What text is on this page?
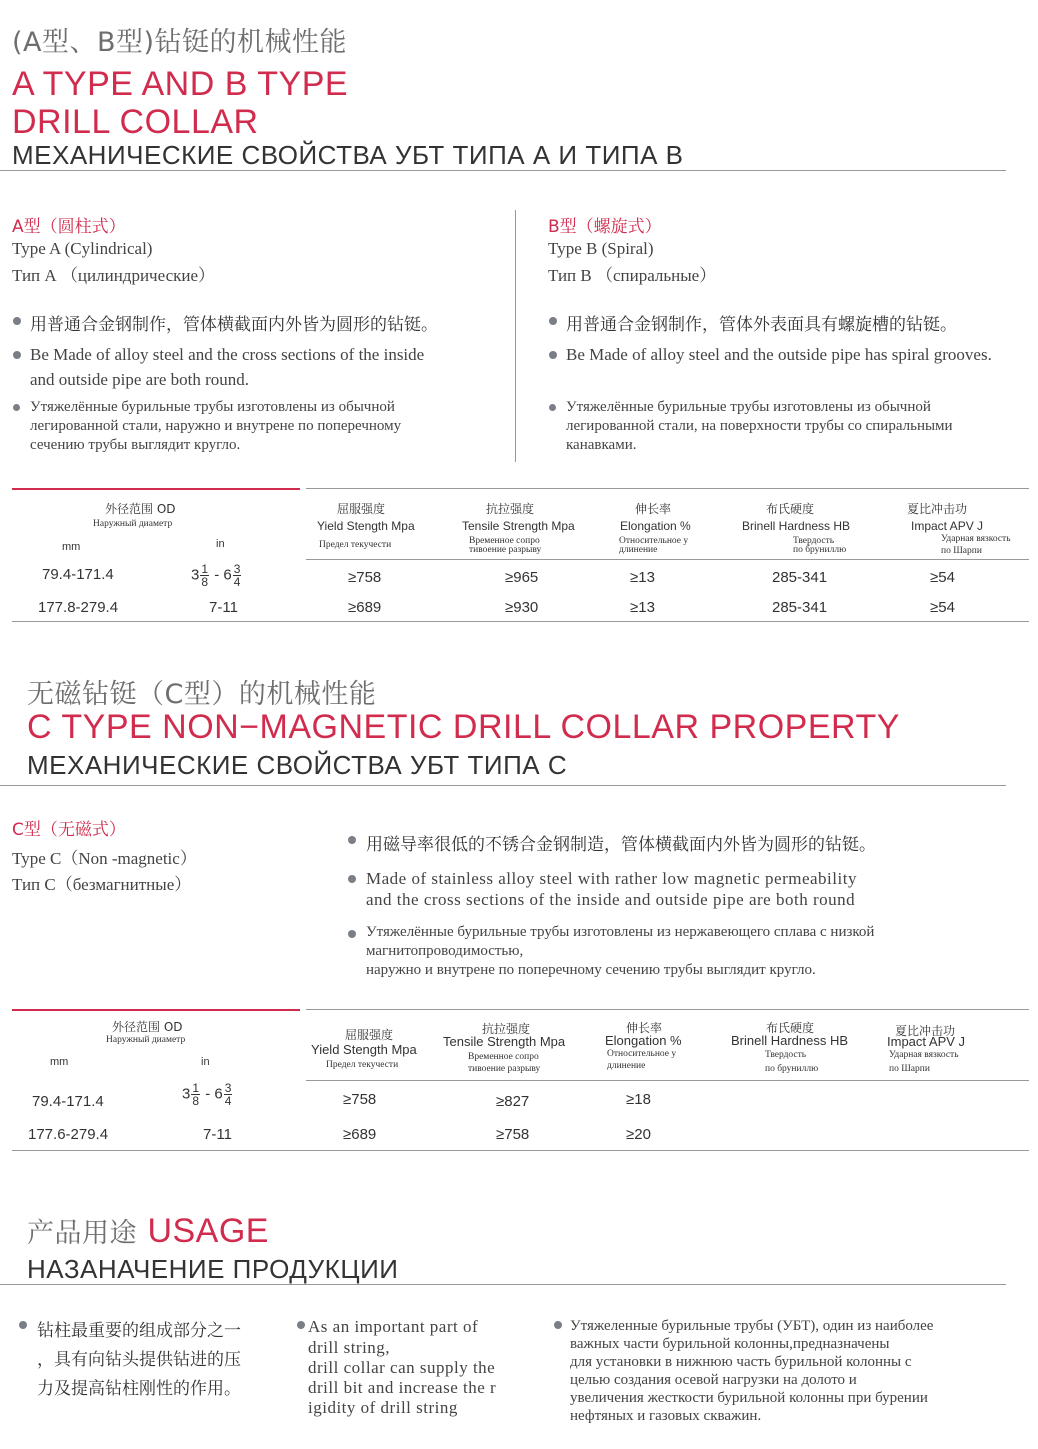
(A型、B型)钻铤的机械性能
A TYPE AND B TYPE
DRILL COLLAR
МЕХАНИЧЕСКИЕ СВОЙСТВА УБТ ТИПА А И ТИПА В
A型（圆柱式）
Type A (Cylindrical)
Тип А （цилиндрические）
用普通合金钢制作，管体横截面内外皆为圆形的钻铤。
Be Made of alloy steel and the cross sections of the inside
and outside pipe are both round.
Утяжелённые бурильные трубы изготовлены из обычной
легированной стали, наружно и внутрене по поперечному
сечению трубы выглядит кругло.
B型（螺旋式）
Type B (Spiral)
Тип В （спиральные）
用普通合金钢制作，管体外表面具有螺旋槽的钻铤。
Be Made of alloy steel and the outside pipe has spiral grooves.
Утяжелённые бурильные трубы изготовлены из обычной
легированной стали, на поверхности трубы со спиральными
канавками.
外径范围 OD
Наружный диаметр
mm	in
屈服强度
Yield Stength Mpa
Предел текучести
抗拉强度
Tensile Strength Mpa
Временное сопро
тивоение разрыву
伸长率
Elongation %
Относительное у
длинение
布氏硬度
Brinell Hardness HB
Твердость
по бруниллю
夏比冲击功
Impact APV J
Ударная вязкость
по Шарпи
79.4-171.4	$3 \frac{1}{8} - 6 \frac{3}{4}$	≥758	≥965	≥13	285-341	≥54
177.8-279.4	7-11	≥689	≥930	≥13	285-341	≥54
无磁钻铤（C型）的机械性能
C TYPE NON−MAGNETIC DRILL COLLAR PROPERTY
МЕХАНИЧЕСКИЕ СВОЙСТВА УБТ ТИПА С
C型（无磁式）
Type C（Non -magnetic）
Тип С（безмагнитные）
用磁导率很低的不锈合金钢制造，管体横截面内外皆为圆形的钻铤。
Made of stainless alloy steel with rather low magnetic permeability
and the cross sections of the inside and outside pipe are both round
Утяжелённые бурильные трубы изготовлены из нержавеющего сплава с низкой
магнитопроводимостью,
наружно и внутрене по поперечному сечению трубы выглядит кругло.
外径范围 OD
Наружный диаметр
mm	in
屈服强度
Yield Stength Mpa
Предел текучести
抗拉强度
Tensile Strength Mpa
Временное сопро
тивоение разрыву
伸长率
Elongation %
Относительное у
длинение
布氏硬度
Brinell Hardness HB
Твердость
по бруниллю
夏比冲击功
Impact APV J
Ударная вязкость
по Шарпи
79.4-171.4	$3 \frac{1}{8} - 6 \frac{3}{4}$	≥758	≥827	≥18
177.6-279.4	7-11	≥689	≥758	≥20
产品用途 USAGE
НАЗАНАЧЕНИЕ ПРОДУКЦИИ
钻柱最重要的组成部分之一
，具有向钻头提供钻进的压
力及提高钻柱刚性的作用。
As an important part of
drill string,
drill collar can supply the
drill bit and increase the r
igidity of drill string
Утяжеленные бурильные трубы (УБТ), один из наиболее
важных части бурильной колонны,предназначены
для установки в нижнюю часть бурильной колонны с
целью создания осевой нагрузки на долото и
увеличения жесткости бурильной колонны при бурении
нефтяных и газовых скважин.
